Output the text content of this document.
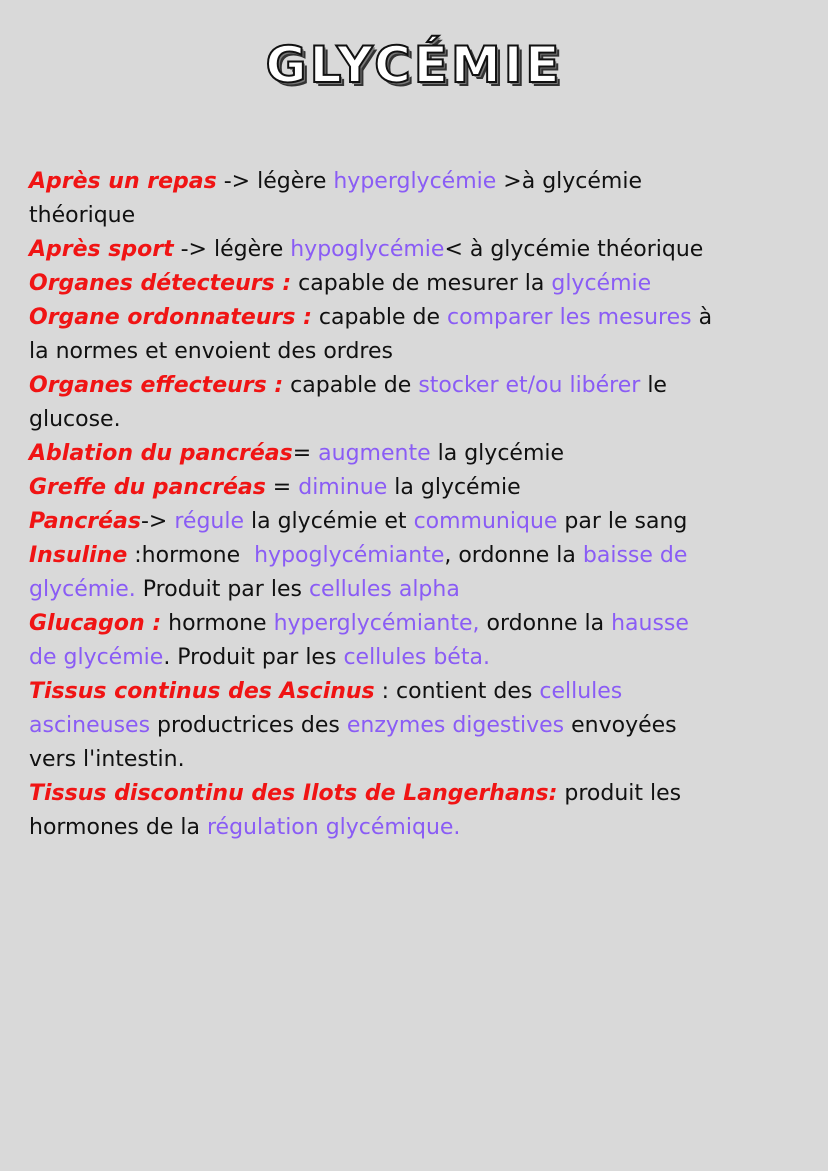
GLYCÉMIE
Après un repas -> légère hyperglycémie >à glycémie
théorique
Après sport -> légère hypoglycémie< à glycémie théorique
Organes détecteurs : capable de mesurer la glycémie
Organe ordonnateurs : capable de comparer les mesures à
la normes et envoient des ordres
Organes effecteurs : capable de stocker et/ou libérer le
glucose.
Ablation du pancréas= augmente la glycémie
Greffe du pancréas = diminue la glycémie
Pancréas-> régule la glycémie et communique par le sang
Insuline :hormone  hypoglycémiante, ordonne la baisse de
glycémie. Produit par les cellules alpha
Glucagon : hormone hyperglycémiante, ordonne la hausse
de glycémie. Produit par les cellules béta.
Tissus continus des Ascinus : contient des cellules
ascineuses productrices des enzymes digestives envoyées
vers l'intestin.
Tissus discontinu des Ilots de Langerhans: produit les
hormones de la régulation glycémique.
